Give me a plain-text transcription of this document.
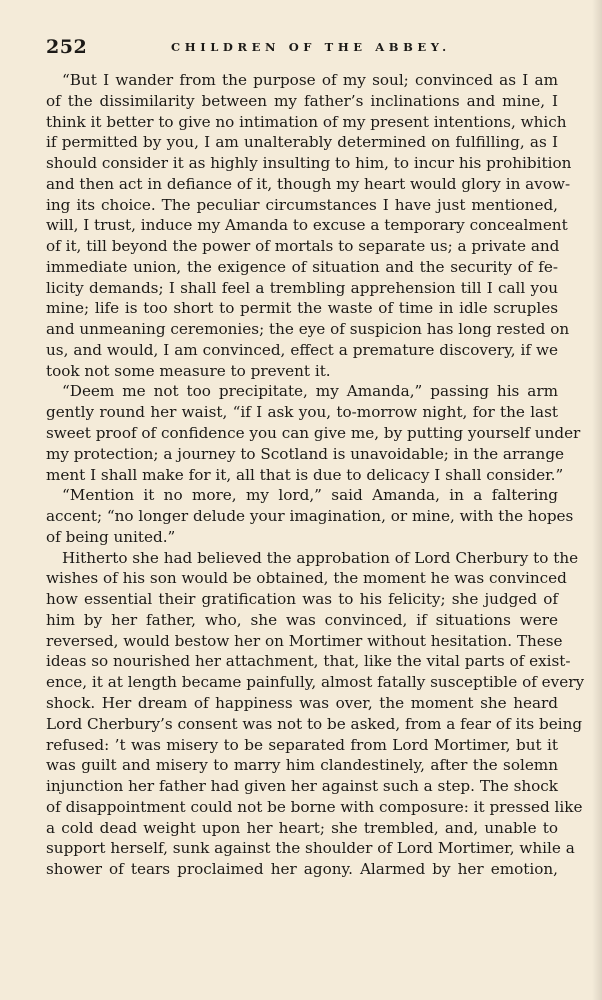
252	CHILDREN OF THE ABBEY.
“But I wander from the purpose of my soul; convinced as I am
of the dissimilarity between my father’s inclinations and mine, I
think it better to give no intimation of my present intentions, which
if permitted by you, I am unalterably determined on fulfilling, as I
should consider it as highly insulting to him, to incur his prohibition
and then act in defiance of it, though my heart would glory in avow-
ing its choice. The peculiar circumstances I have just mentioned,
will, I trust, induce my Amanda to excuse a temporary concealment
of it, till beyond the power of mortals to separate us; a private and
immediate union, the exigence of situation and the security of fe-
licity demands; I shall feel a trembling apprehension till I call you
mine; life is too short to permit the waste of time in idle scruples
and unmeaning ceremonies; the eye of suspicion has long rested on
us, and would, I am convinced, effect a premature discovery, if we
took not some measure to prevent it.
“Deem me not too precipitate, my Amanda,” passing his arm
gently round her waist, “if I ask you, to-morrow night, for the last
sweet proof of confidence you can give me, by putting yourself under
my protection; a journey to Scotland is unavoidable; in the arrange
ment I shall make for it, all that is due to delicacy I shall consider.”
“Mention it no more, my lord,” said Amanda, in a faltering
accent; “no longer delude your imagination, or mine, with the hopes
of being united.”
Hitherto she had believed the approbation of Lord Cherbury to the
wishes of his son would be obtained, the moment he was convinced
how essential their gratification was to his felicity; she judged of
him by her father, who, she was convinced, if situations were
reversed, would bestow her on Mortimer without hesitation. These
ideas so nourished her attachment, that, like the vital parts of exist-
ence, it at length became painfully, almost fatally susceptible of every
shock. Her dream of happiness was over, the moment she heard
Lord Cherbury’s consent was not to be asked, from a fear of its being
refused: ’t was misery to be separated from Lord Mortimer, but it
was guilt and misery to marry him clandestinely, after the solemn
injunction her father had given her against such a step. The shock
of disappointment could not be borne with composure: it pressed like
a cold dead weight upon her heart; she trembled, and, unable to
support herself, sunk against the shoulder of Lord Mortimer, while a
shower of tears proclaimed her agony. Alarmed by her emotion,
